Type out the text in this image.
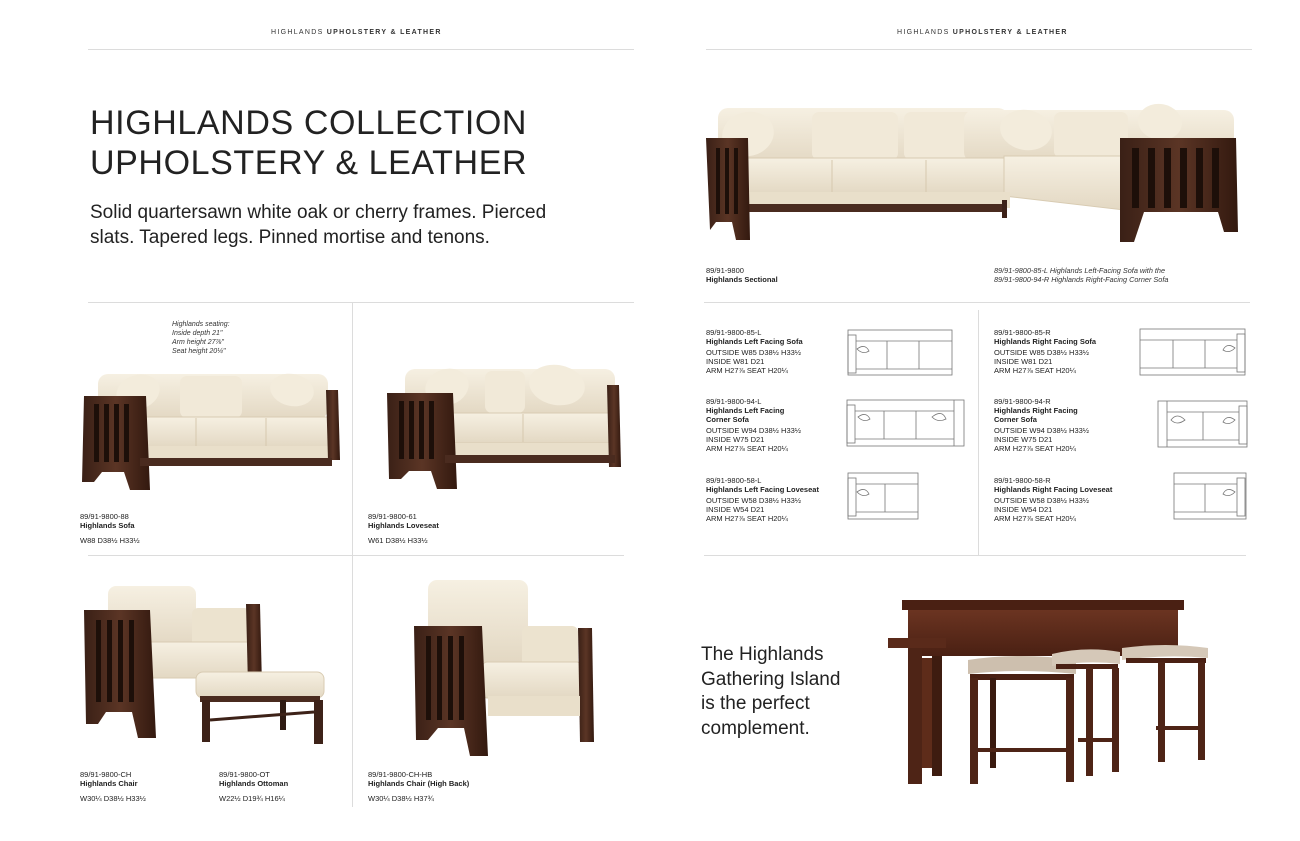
HIGHLANDS UPHOLSTERY & LEATHER
HIGHLANDS COLLECTION
UPHOLSTERY & LEATHER
Solid quartersawn white oak or cherry frames. Pierced
slats. Tapered legs. Pinned mortise and tenons.
Highlands seating:
Inside depth 21"
Arm height 27⅞"
Seat height 20¼"
89/91-9800-88
Highlands Sofa
W88 D38½ H33½
89/91-9800-61
Highlands Loveseat
W61 D38½ H33½
89/91-9800-CH
Highlands Chair
W30¼ D38½ H33½
89/91-9800-OT
Highlands Ottoman
W22½ D19¾ H16¼
89/91-9800-CH-HB
Highlands Chair (High Back)
W30¼ D38½ H37¾
HIGHLANDS UPHOLSTERY & LEATHER
89/91-9800
Highlands Sectional
89/91-9800-85-L Highlands Left-Facing Sofa with the
89/91-9800-94-R Highlands Right-Facing Corner Sofa
89/91-9800-85-L
Highlands Left Facing Sofa
OUTSIDE W85 D38½ H33½
INSIDE W81 D21
ARM H27⅞ SEAT H20¼
89/91-9800-94-L
Highlands Left Facing
Corner Sofa
OUTSIDE W94 D38½ H33½
INSIDE W75 D21
ARM H27⅞ SEAT H20¼
89/91-9800-58-L
Highlands Left Facing Loveseat
OUTSIDE W58 D38½ H33½
INSIDE W54 D21
ARM H27⅞ SEAT H20¼
89/91-9800-85-R
Highlands Right Facing Sofa
OUTSIDE W85 D38½ H33½
INSIDE W81 D21
ARM H27⅞ SEAT H20¼
89/91-9800-94-R
Highlands Right Facing
Corner Sofa
OUTSIDE W94 D38½ H33½
INSIDE W75 D21
ARM H27⅞ SEAT H20¼
89/91-9800-58-R
Highlands Right Facing Loveseat
OUTSIDE W58 D38½ H33½
INSIDE W54 D21
ARM H27⅞ SEAT H20¼
The Highlands
Gathering Island
is the perfect
complement.
